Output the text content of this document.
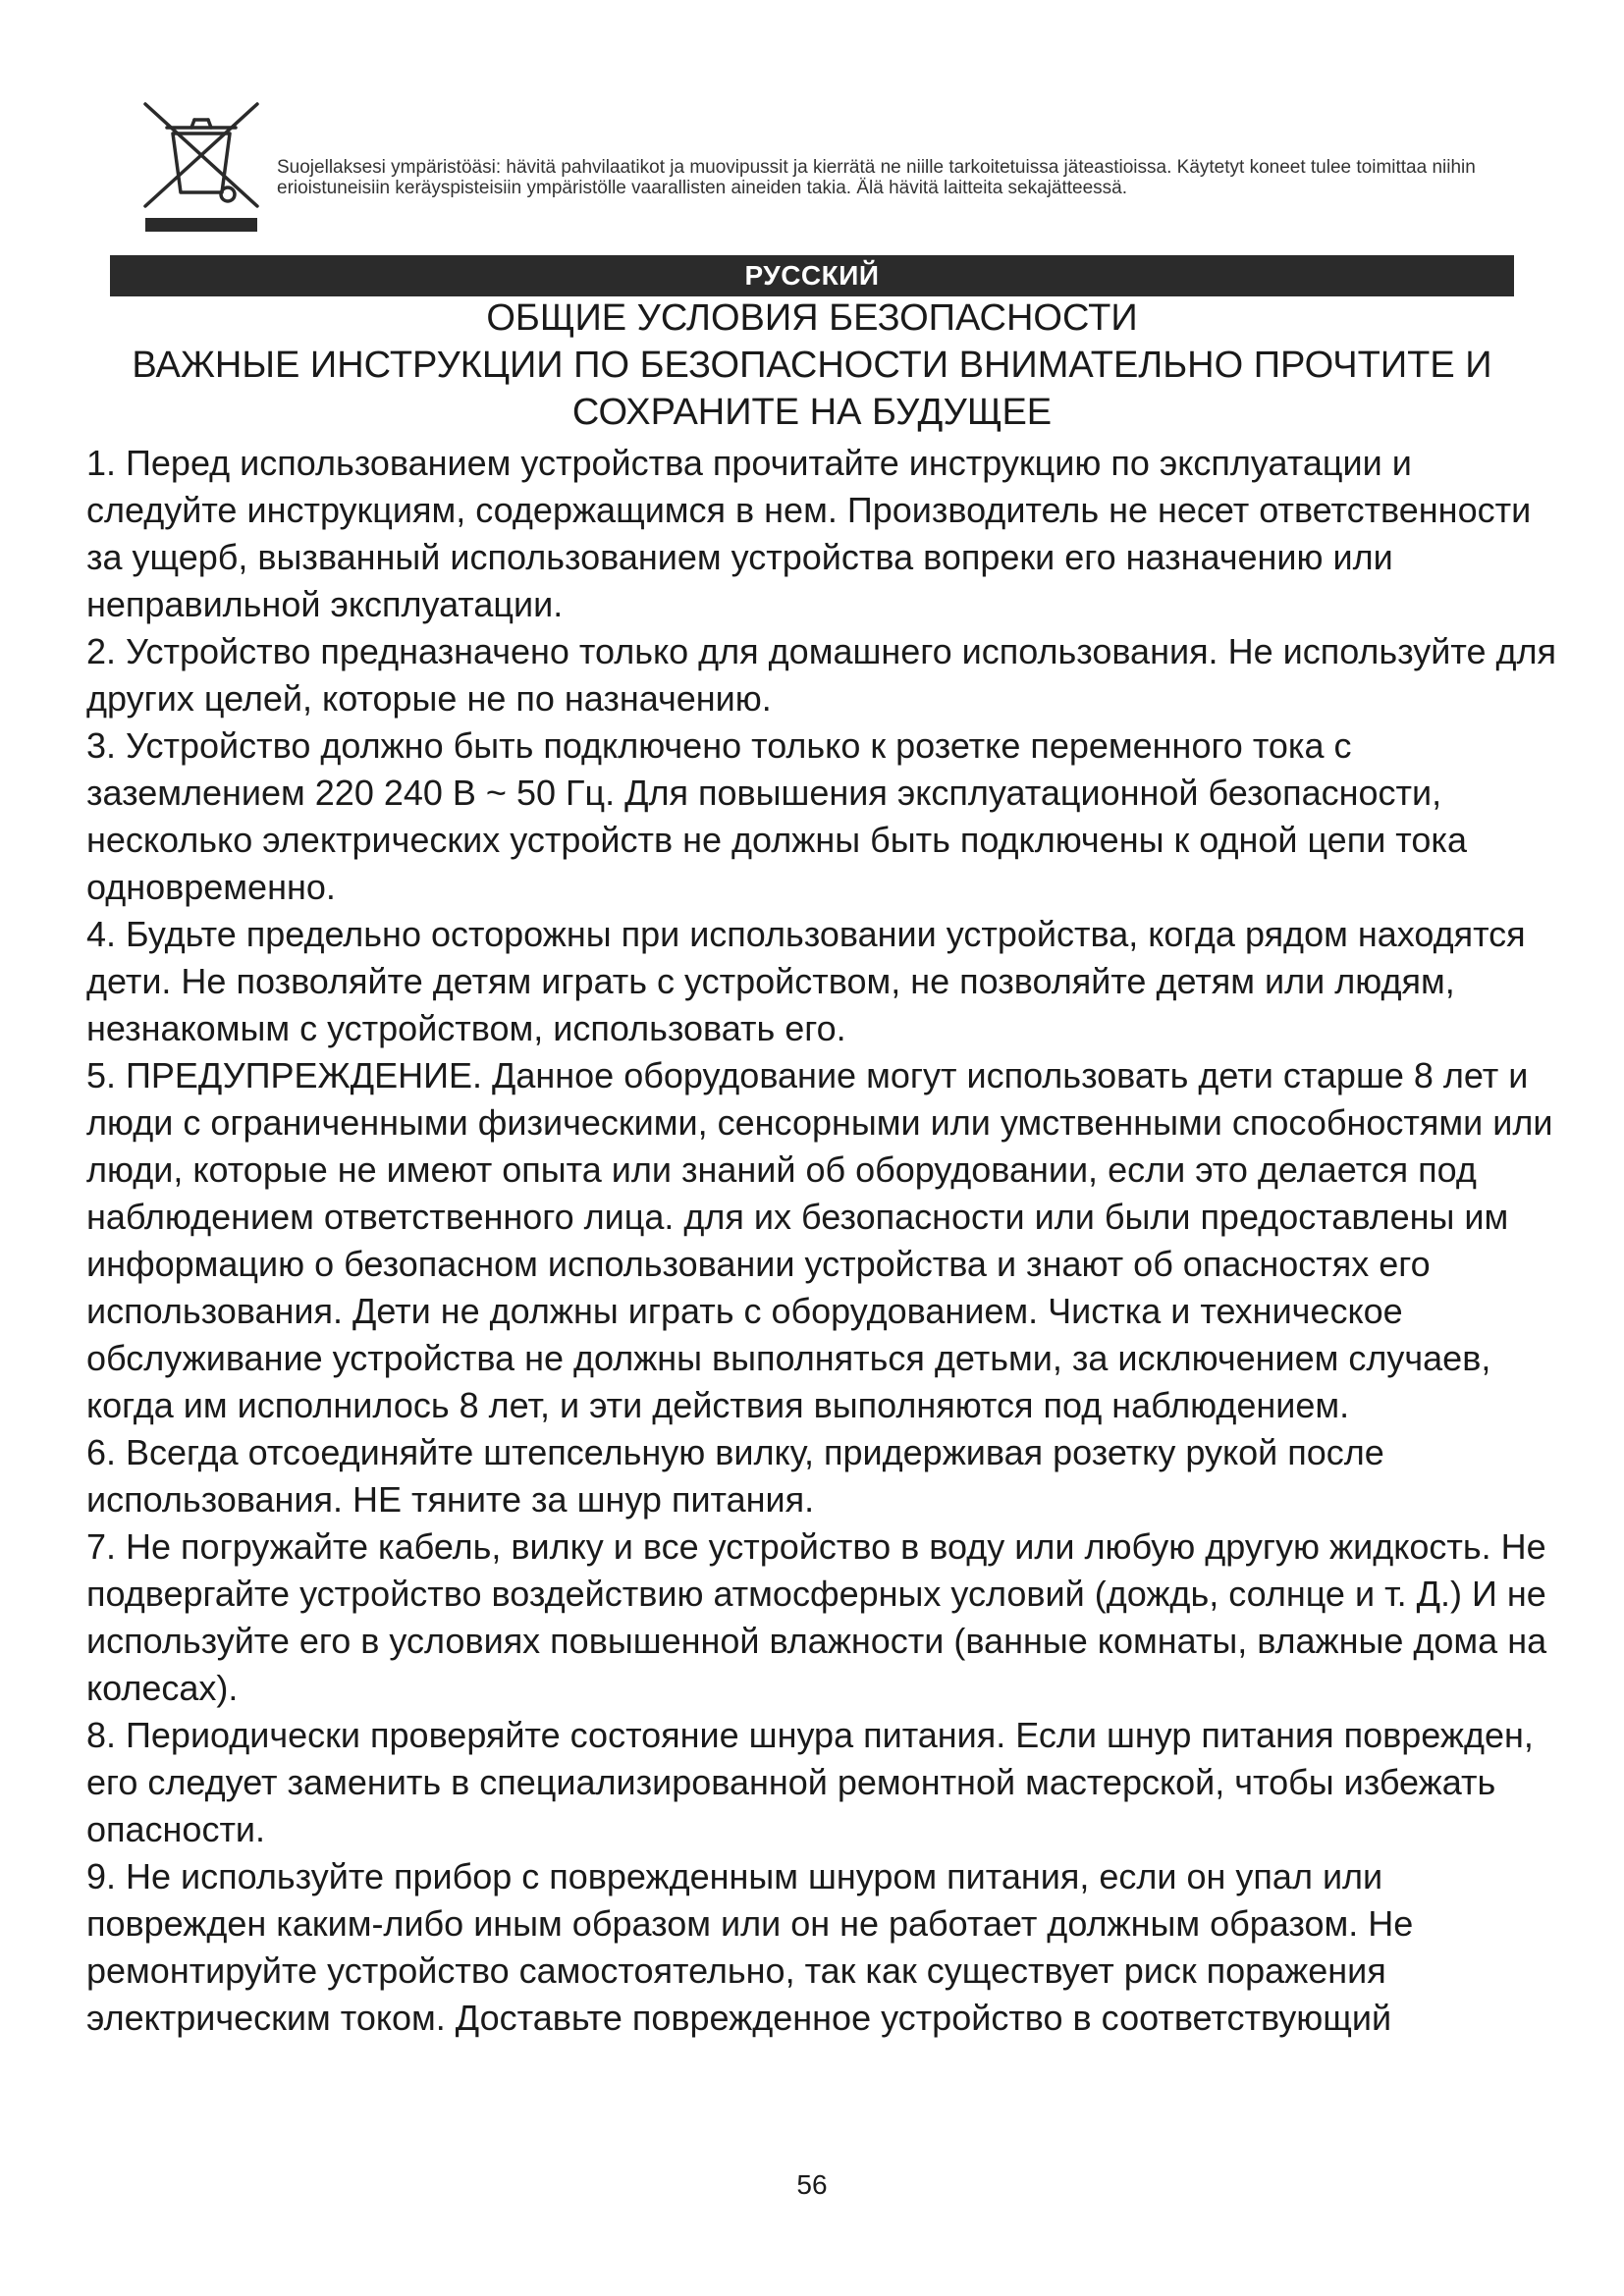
Suojellaksesi ympäristöäsi: hävitä pahvilaatikot ja muovipussit ja kierrätä ne niille tarkoitetuissa jäteastioissa. Käytetyt koneet tulee toimittaa niihin erioistuneisiin keräyspisteisiin ympäristölle vaarallisten aineiden takia. Älä hävitä laitteita sekajätteessä.

РУССКИЙ
ОБЩИЕ УСЛОВИЯ БЕЗОПАСНОСТИ
ВАЖНЫЕ ИНСТРУКЦИИ ПО БЕЗОПАСНОСТИ ВНИМАТЕЛЬНО ПРОЧТИТЕ И
СОХРАНИТЕ НА БУДУЩЕЕ

1. Перед использованием устройства прочитайте инструкцию по эксплуатации и следуйте инструкциям, содержащимся в нем. Производитель не несет ответственности за ущерб, вызванный использованием устройства вопреки его назначению или неправильной эксплуатации.

2. Устройство предназначено только для домашнего использования. Не используйте для других целей, которые не по назначению.

3. Устройство должно быть подключено только к розетке переменного тока с заземлением 220 240 В ~ 50 Гц. Для повышения эксплуатационной безопасности, несколько электрических устройств не должны быть подключены к одной цепи тока одновременно.

4. Будьте предельно осторожны при использовании устройства, когда рядом находятся дети. Не позволяйте детям играть с устройством, не позволяйте детям или людям, незнакомым с устройством, использовать его.

5. ПРЕДУПРЕЖДЕНИЕ. Данное оборудование могут использовать дети старше 8 лет и люди с ограниченными физическими, сенсорными или умственными способностями или люди, которые не имеют опыта или знаний об оборудовании, если это делается под наблюдением ответственного лица. для их безопасности или были предоставлены им информацию о безопасном использовании устройства и знают об опасностях его использования. Дети не должны играть с оборудованием. Чистка и техническое обслуживание устройства не должны выполняться детьми, за исключением случаев, когда им исполнилось 8 лет, и эти действия выполняются под наблюдением.

6. Всегда отсоединяйте штепсельную вилку, придерживая розетку рукой после использования. НЕ тяните за шнур питания.

7. Не погружайте кабель, вилку и все устройство в воду или любую другую жидкость. Не подвергайте устройство воздействию атмосферных условий (дождь, солнце и т. Д.) И не используйте его в условиях повышенной влажности (ванные комнаты, влажные дома на колесах).

8. Периодически проверяйте состояние шнура питания. Если шнур питания поврежден, его следует заменить в специализированной ремонтной мастерской, чтобы избежать опасности.

9. Не используйте прибор с поврежденным шнуром питания, если он упал или поврежден каким-либо иным образом или он не работает должным образом. Не ремонтируйте устройство самостоятельно, так как существует риск поражения электрическим током. Доставьте поврежденное устройство в соответствующий

56
